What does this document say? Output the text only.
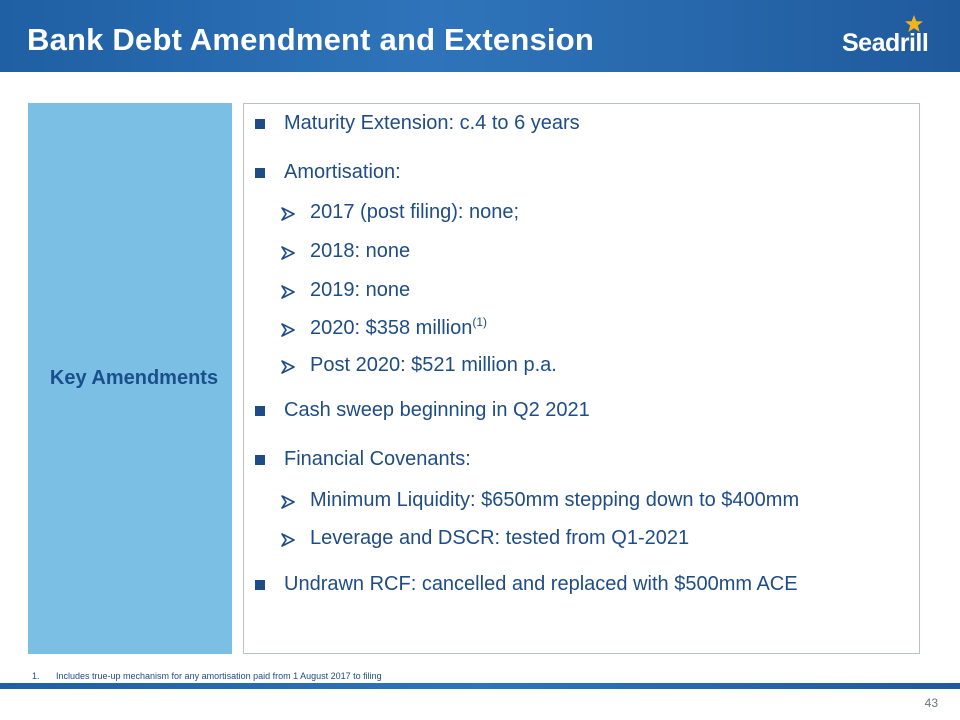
Bank Debt Amendment and Extension	Seadrill
Key Amendments
Maturity Extension: c.4 to 6 years
Amortisation:
2017 (post filing): none;
2018: none
2019: none
2020: $358 million$^{(1)}$
Post 2020: $521 million p.a.
Cash sweep beginning in Q2 2021
Financial Covenants:
Minimum Liquidity: $650mm stepping down to $400mm
Leverage and DSCR: tested from Q1-2021
Undrawn RCF: cancelled and replaced with $500mm ACE
1. Includes true-up mechanism for any amortisation paid from 1 August 2017 to filing
43
